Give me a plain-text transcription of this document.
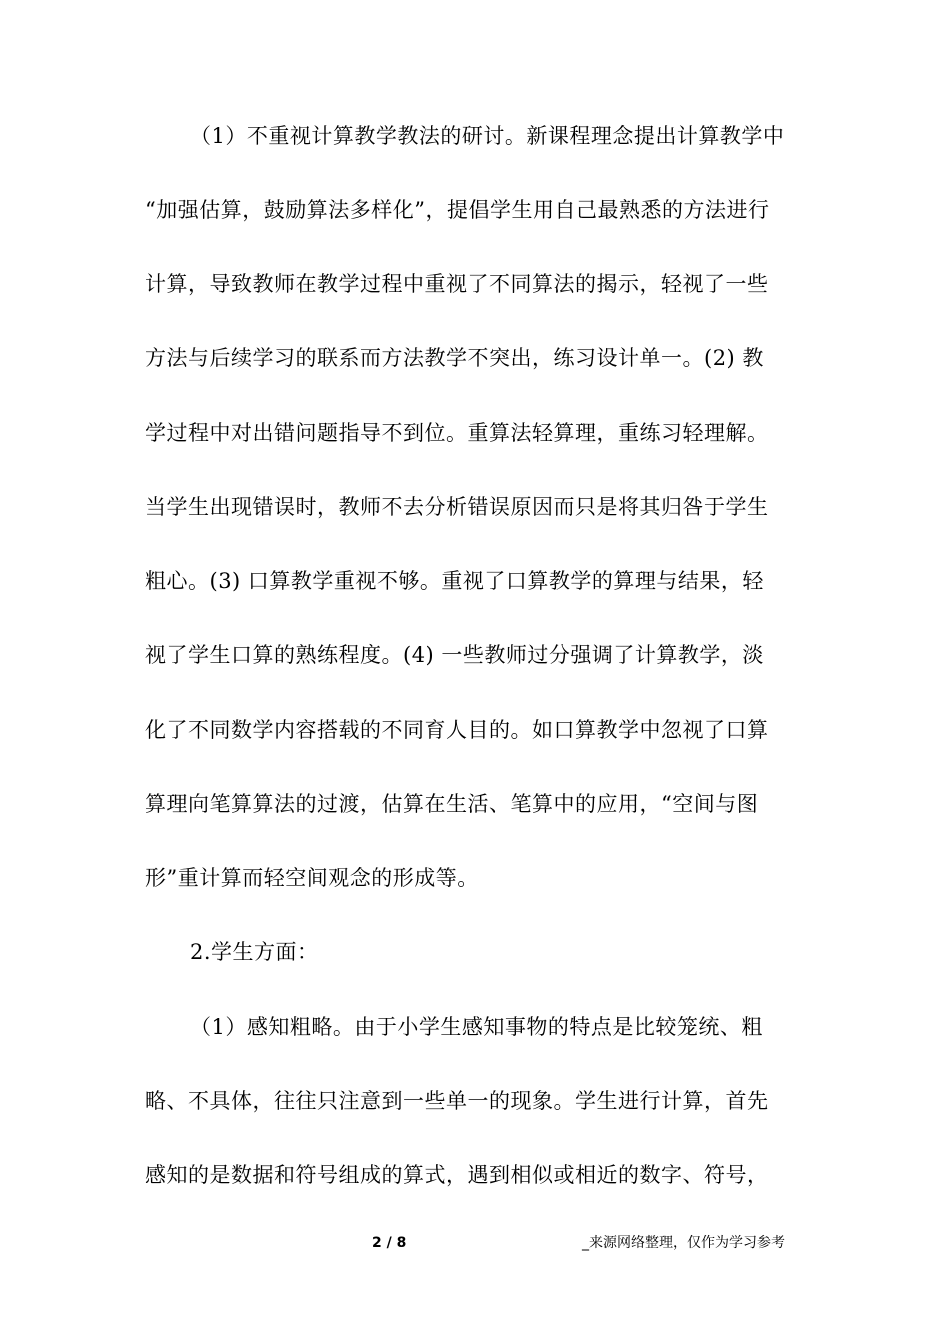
（1）不重视计算教学教法的研讨。新课程理念提出计算教学中
“加强估算，鼓励算法多样化”，提倡学生用自己最熟悉的方法进行
计算，导致教师在教学过程中重视了不同算法的揭示，轻视了一些
方法与后续学习的联系而方法教学不突出，练习设计单一。(2) 教
学过程中对出错问题指导不到位。重算法轻算理，重练习轻理解。
当学生出现错误时，教师不去分析错误原因而只是将其归咎于学生
粗心。(3) 口算教学重视不够。重视了口算教学的算理与结果，轻
视了学生口算的熟练程度。(4) 一些教师过分强调了计算教学，淡
化了不同数学内容搭载的不同育人目的。如口算教学中忽视了口算
算理向笔算算法的过渡，估算在生活、笔算中的应用，“空间与图
形”重计算而轻空间观念的形成等。
2.学生方面：
（1）感知粗略。由于小学生感知事物的特点是比较笼统、粗
略、不具体，往往只注意到一些单一的现象。学生进行计算，首先
感知的是数据和符号组成的算式，遇到相似或相近的数字、符号，
2 / 8	_来源网络整理，仅作为学习参考
